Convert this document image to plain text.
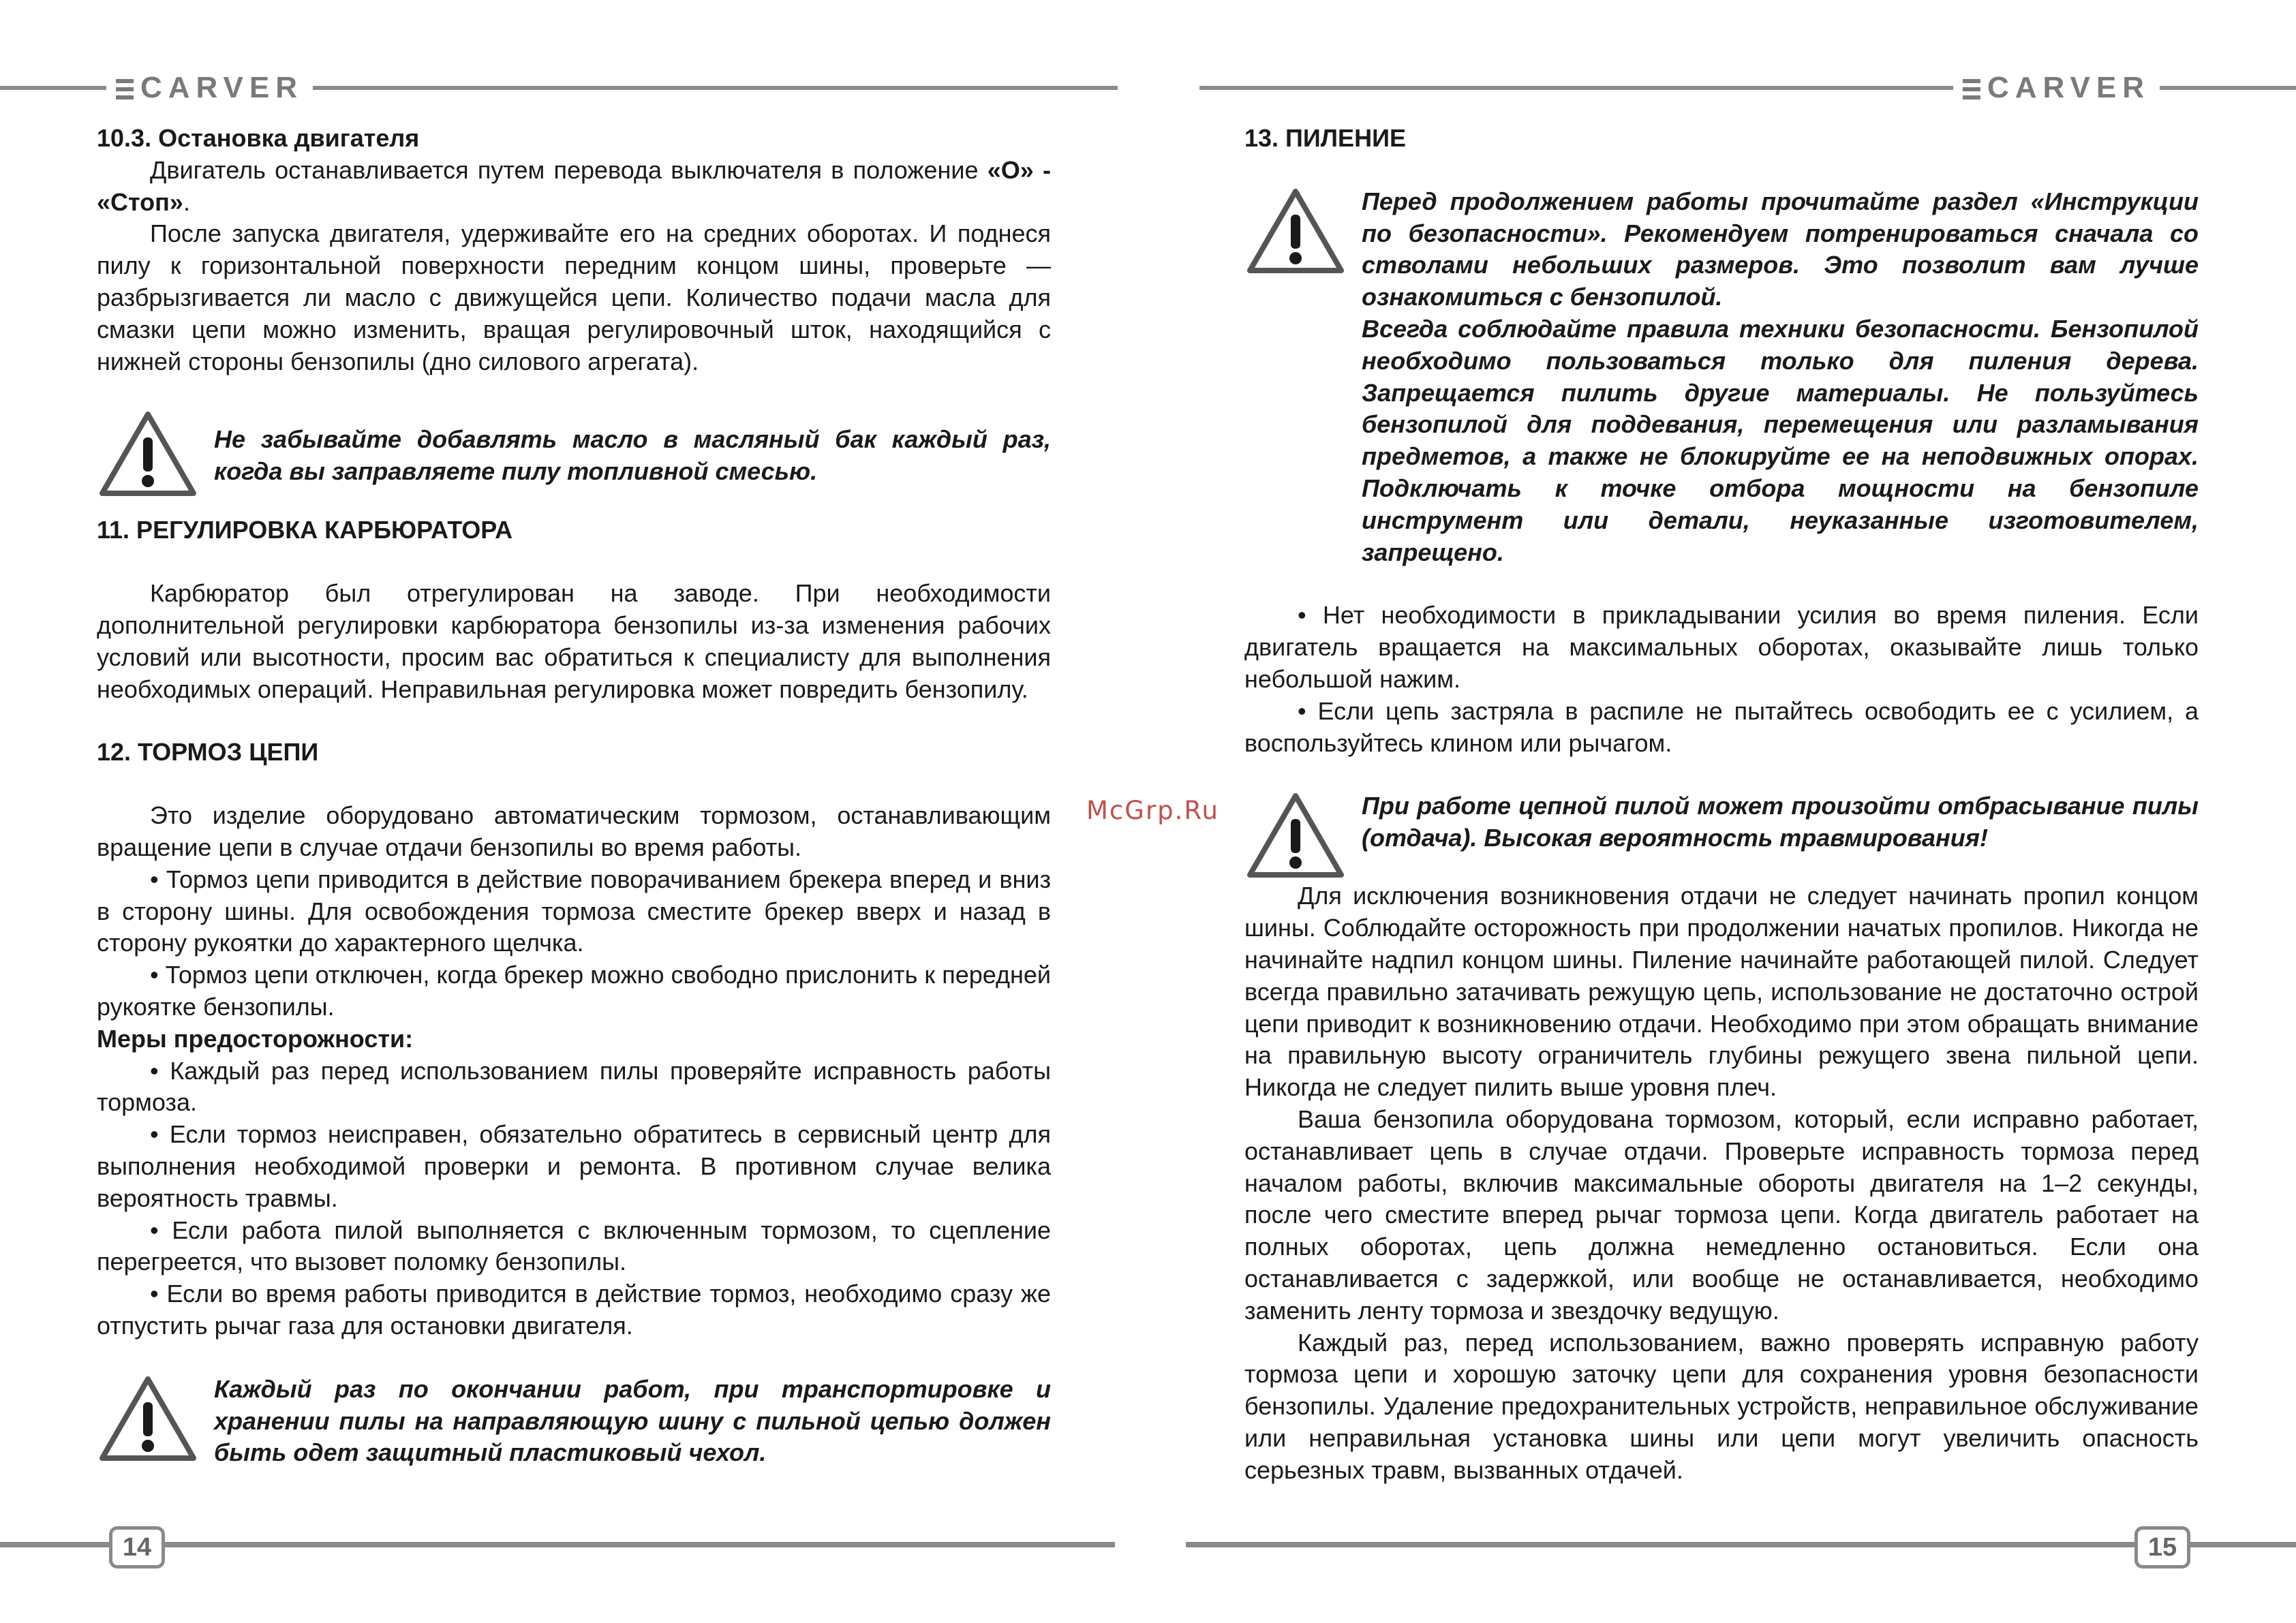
CARVER	CARVER
14	15
McGrp.Ru
10.3. Остановка двигателя

Двигатель останавливается путем перевода выключателя в положение «О» - «Стоп».

После запуска двигателя, удерживайте его на средних оборотах. И поднеся пилу к горизонтальной поверхности передним концом шины, проверьте — разбрызгивается ли масло с движущейся цепи. Количество подачи масла для смазки цепи можно изменить, вращая регулировочный шток, находящийся с нижней стороны бензопилы (дно силового агрегата).

Не забывайте добавлять масло в масляный бак каждый раз, когда вы заправляете пилу топливной смесью.
11. РЕГУЛИРОВКА КАРБЮРАТОРА

Карбюратор был отрегулирован на заводе. При необходимости дополнительной регулировки карбюратора бензопилы из-за изменения рабочих условий или высотности, просим вас обратиться к специалисту для выполнения необходимых операций. Неправильная регулировка может повредить бензопилу.

12. ТОРМОЗ ЦЕПИ

Это изделие оборудовано автоматическим тормозом, останавливающим вращение цепи в случае отдачи бензопилы во время работы.

• Тормоз цепи приводится в действие поворачиванием брекера вперед и вниз в сторону шины. Для освобождения тормоза сместите брекер вверх и назад в сторону рукоятки до характерного щелчка.

• Тормоз цепи отключен, когда брекер можно свободно прислонить к передней рукоятке бензопилы.

Меры предосторожности:

• Каждый раз перед использованием пилы проверяйте исправность работы тормоза.

• Если тормоз неисправен, обязательно обратитесь в сервисный центр для выполнения необходимой проверки и ремонта. В противном случае велика вероятность травмы.

• Если работа пилой выполняется с включенным тормозом, то сцепление перегреется, что вызовет поломку бензопилы.

• Если во время работы приводится в действие тормоз, необходимо сразу же отпустить рычаг газа для остановки двигателя.

Каждый раз по окончании работ, при транспортировке и хранении пилы на направляющую шину с пильной цепью должен быть одет защитный пластиковый чехол.
13. ПИЛЕНИЕ
Перед продолжением работы прочитайте раздел «Инструкции по безопасности». Рекомендуем потренироваться сначала со стволами небольших размеров. Это позволит вам лучше ознакомиться с бензопилой.
Всегда соблюдайте правила техники безопасности. Бензопилой необходимо пользоваться только для пиления дерева. Запрещается пилить другие материалы. Не пользуйтесь бензопилой для поддевания, перемещения или разламывания предметов, а также не блокируйте ее на неподвижных опорах. Подключать к точке отбора мощности на бензопиле инструмент или детали, неуказанные изготовителем, запрещено.

• Нет необходимости в прикладывании усилия во время пиления. Если двигатель вращается на максимальных оборотах, оказывайте лишь только небольшой нажим.

• Если цепь застряла в распиле не пытайтесь освободить ее с усилием, а воспользуйтесь клином или рычагом.

При работе цепной пилой может произойти отбрасывание пилы (отдача). Высокая вероятность травмирования!

Для исключения возникновения отдачи не следует начинать пропил концом шины. Соблюдайте осторожность при продолжении начатых пропилов. Никогда не начинайте надпил концом шины. Пиление начинайте работающей пилой. Следует всегда правильно затачивать режущую цепь, использование не достаточно острой цепи приводит к возникновению отдачи. Необходимо при этом обращать внимание на правильную высоту ограничитель глубины режущего звена пильной цепи. Никогда не следует пилить выше уровня плеч.

Ваша бензопила оборудована тормозом, который, если исправно работает, останавливает цепь в случае отдачи. Проверьте исправность тормоза перед началом работы, включив максимальные обороты двигателя на 1–2 секунды, после чего сместите вперед рычаг тормоза цепи. Когда двигатель работает на полных оборотах, цепь должна немедленно остановиться. Если она останавливается с задержкой, или вообще не останавливается, необходимо заменить ленту тормоза и звездочку ведущую.

Каждый раз, перед использованием, важно проверять исправную работу тормоза цепи и хорошую заточку цепи для сохранения уровня безопасности бензопилы. Удаление предохранительных устройств, неправильное обслуживание или неправильная установка шины или цепи могут увеличить опасность серьезных травм, вызванных отдачей.
